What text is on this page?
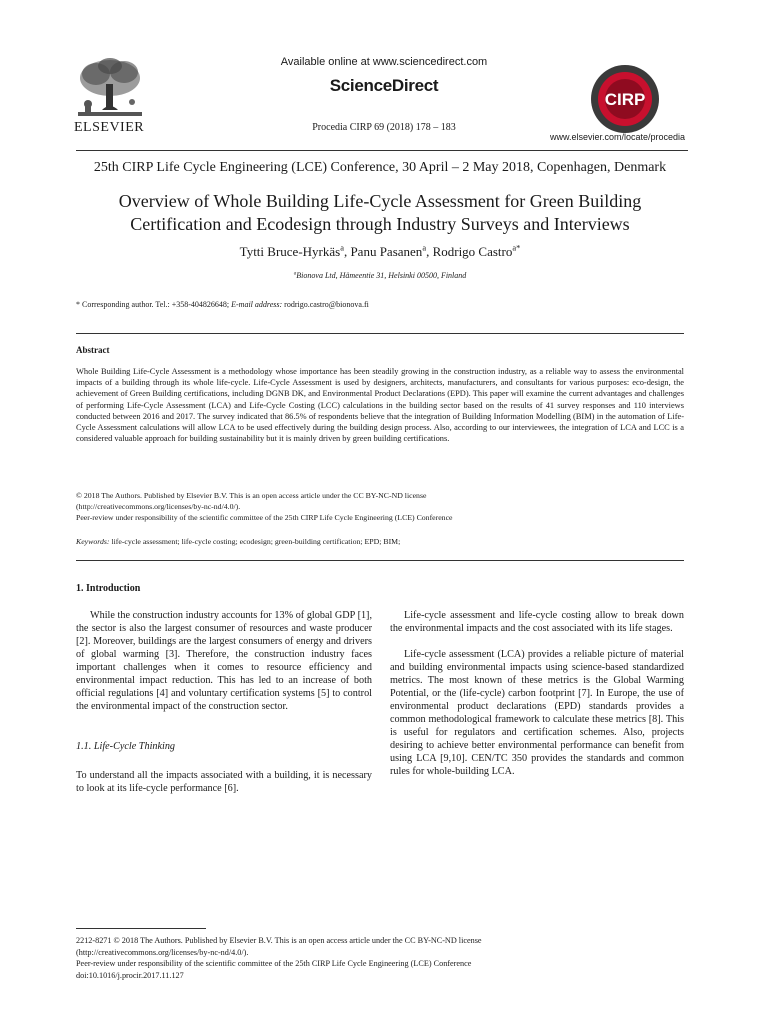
ELSEVIER
Available online at www.sciencedirect.com
ScienceDirect
Procedia CIRP 69 (2018) 178 – 183
CIRP
www.elsevier.com/locate/procedia
25th CIRP Life Cycle Engineering (LCE) Conference, 30 April – 2 May 2018, Copenhagen, Denmark
Overview of Whole Building Life-Cycle Assessment for Green Building
Certification and Ecodesign through Industry Surveys and Interviews
Tytti Bruce-Hyrkäs$^a$, Panu Pasanen$^a$, Rodrigo Castro$^{a*}$
$^a$Bionova Ltd, Hämeentie 31, Helsinki 00500, Finland
* Corresponding author. Tel.: +358-404826648; E-mail address: rodrigo.castro@bionova.fi
Abstract
Whole Building Life-Cycle Assessment is a methodology whose importance has been steadily growing in the construction industry, as a reliable way to assess the environmental impacts of a building through its whole life-cycle. Life-Cycle Assessment is used by designers, architects, manufacturers, and consultants for various purposes: eco-design, the achievement of Green Building certifications, including DGNB DK, and Environmental Product Declarations (EPD). This paper will examine the current advantages and challenges of performing Life-Cycle Assessment (LCA) and Life-Cycle Costing (LCC) calculations in the building sector based on the results of 41 survey responses and 110 interviews conducted between 2016 and 2017. The survey indicated that 86.5% of respondents believe that the integration of Building Information Modelling (BIM) in the automation of Life-Cycle Assessment calculations will allow LCA to be used effectively during the building design process. Also, according to our interviewees, the integration of LCA and LCC is a considered valuable approach for building sustainability but it is mainly driven by green building certifications.
© 2018 The Authors. Published by Elsevier B.V. This is an open access article under the CC BY-NC-ND license
(http://creativecommons.org/licenses/by-nc-nd/4.0/).
Peer-review under responsibility of the scientific committee of the 25th CIRP Life Cycle Engineering (LCE) Conference
Keywords: life-cycle assessment; life-cycle costing; ecodesign; green-building certification; EPD; BIM;
1. Introduction
While the construction industry accounts for 13% of global GDP [1], the sector is also the largest consumer of resources and waste producer [2]. Moreover, buildings are the largest consumers of energy and drivers of global warming [3]. Therefore, the construction industry faces important challenges when it comes to resource efficiency and environmental impact reduction. This has led to an increase of both official regulations [4] and voluntary certification systems [5] to control the environmental impact of the construction sector.
1.1. Life-Cycle Thinking
To understand all the impacts associated with a building, it is necessary to look at its life-cycle performance [6].
Life-cycle assessment and life-cycle costing allow to break down the environmental impacts and the cost associated with its life stages.
Life-cycle assessment (LCA) provides a reliable picture of material and building environmental impacts using science-based standardized metrics. The most known of these metrics is the Global Warming Potential, or the (life-cycle) carbon footprint [7]. In Europe, the use of environmental product declarations (EPD) standards provides a common methodological framework to calculate these metrics [8]. This is useful for regulators and certification schemes. Also, projects desiring to achieve better environmental performance can benefit from using LCA [9,10]. CEN/TC 350 provides the standards and common rules for whole-building LCA.
2212-8271 © 2018 The Authors. Published by Elsevier B.V. This is an open access article under the CC BY-NC-ND license
(http://creativecommons.org/licenses/by-nc-nd/4.0/).
Peer-review under responsibility of the scientific committee of the 25th CIRP Life Cycle Engineering (LCE) Conference
doi:10.1016/j.procir.2017.11.127
